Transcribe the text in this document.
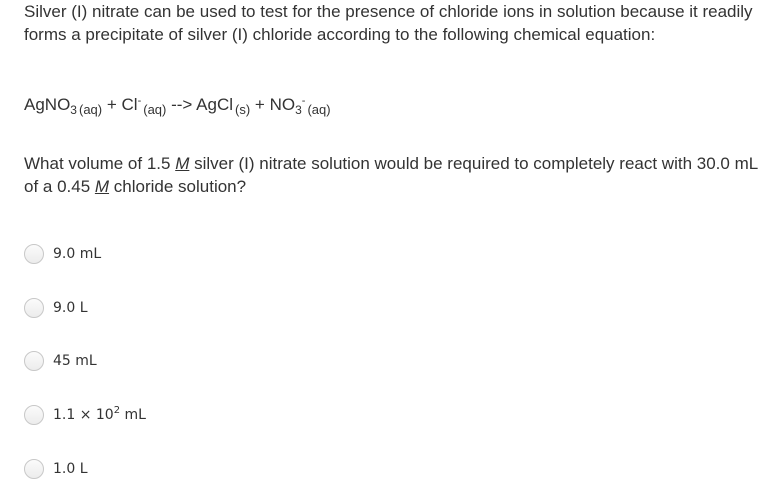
Silver (I) nitrate can be used to test for the presence of chloride ions in solution because it readily forms a precipitate of silver (I) chloride according to the following chemical equation:

AgNO$_3$ $_{(aq)} + Cl^-_{(aq)}$ --> AgCl $_{(s)} + NO_3^-_{(aq)}$

What volume of 1.5 M silver (I) nitrate solution would be required to completely react with 30.0 mL of a 0.45 M chloride solution?

9.0 mL
9.0 L
45 mL
$1.1 \times 10^2$ mL
1.0 L
